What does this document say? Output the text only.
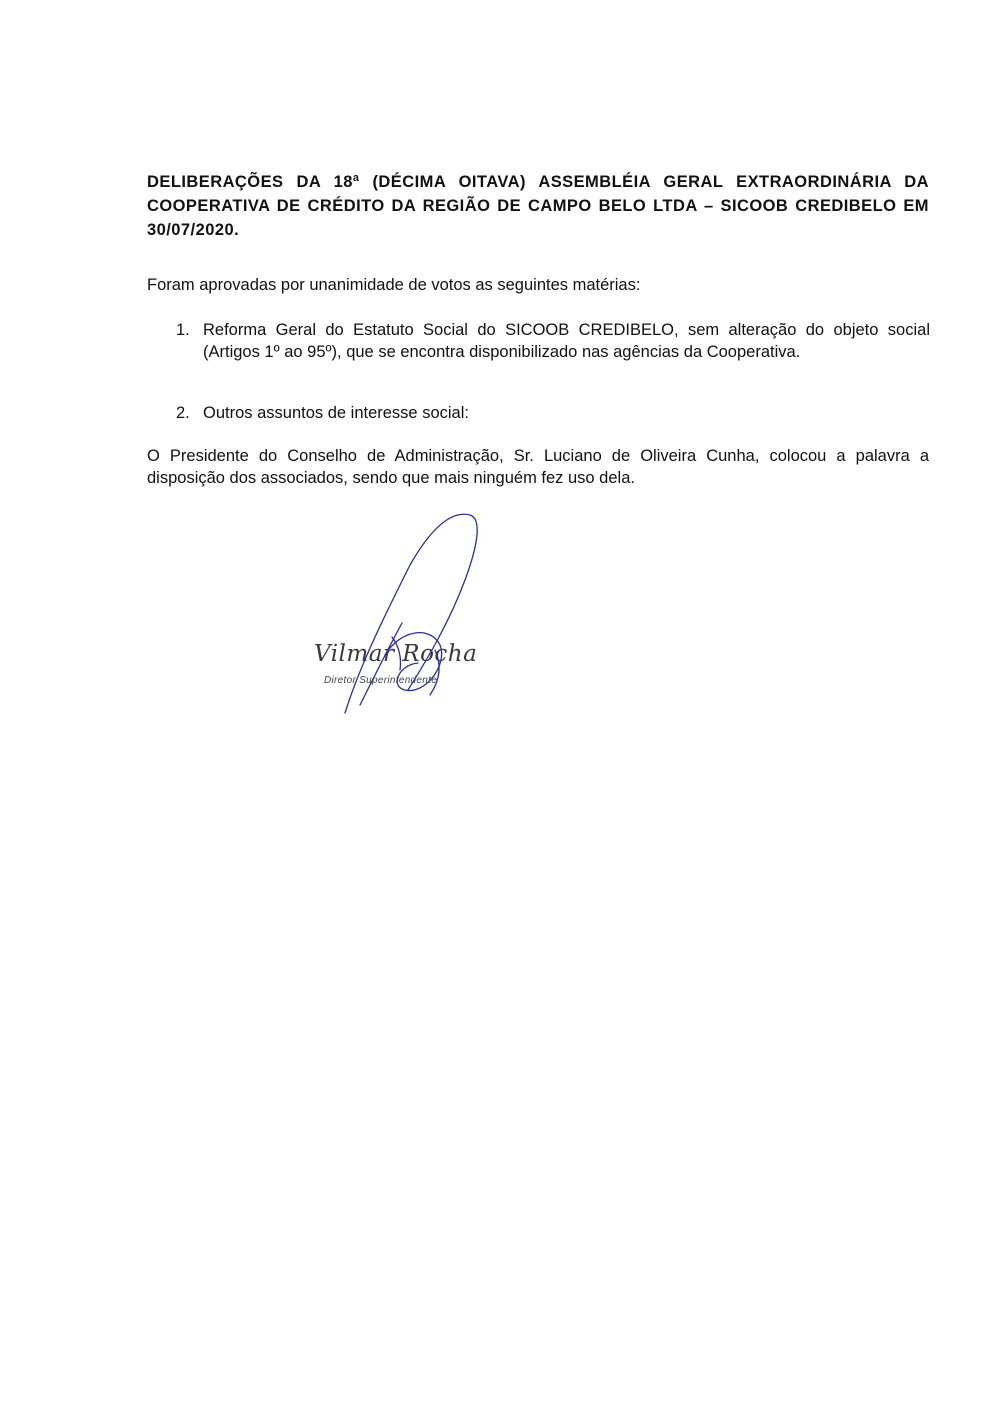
DELIBERAÇÕES DA 18ª (DÉCIMA OITAVA) ASSEMBLÉIA GERAL EXTRAORDINÁRIA DA COOPERATIVA DE CRÉDITO DA REGIÃO DE CAMPO BELO LTDA – SICOOB CREDIBELO EM 30/07/2020.
Foram aprovadas por unanimidade de votos as seguintes matérias:
1. Reforma Geral do Estatuto Social do SICOOB CREDIBELO, sem alteração do objeto social (Artigos 1º ao 95º), que se encontra disponibilizado nas agências da Cooperativa.
2. Outros assuntos de interesse social:
O Presidente do Conselho de Administração, Sr. Luciano de Oliveira Cunha, colocou a palavra a disposição dos associados, sendo que mais ninguém fez uso dela.
Vilmar Rocha
Diretor Superintendente
